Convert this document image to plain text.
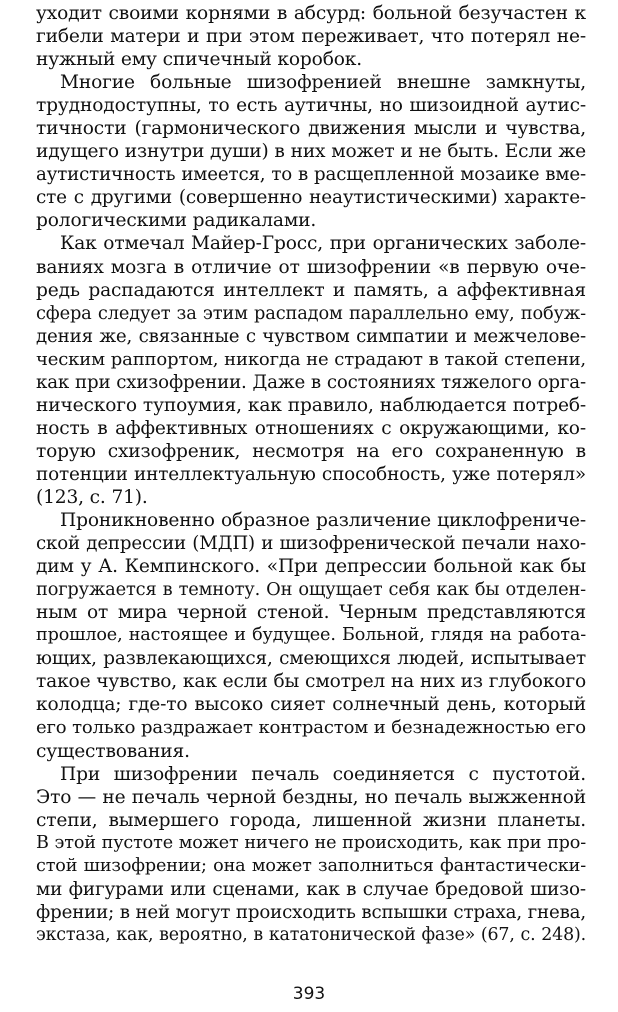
уходит своими корнями в абсурд: больной безучастен к
гибели матери и при этом переживает, что потерял не-
нужный ему спичечный коробок.
Многие больные шизофренией внешне замкнуты,
труднодоступны, то есть аутичны, но шизоидной аутис-
тичности (гармонического движения мысли и чувства,
идущего изнутри души) в них может и не быть. Если же
аутистичность имеется, то в расщепленной мозаике вме-
сте с другими (совершенно неаутистическими) характе-
рологическими радикалами.
Как отмечал Майер-Гросс, при органических заболе-
ваниях мозга в отличие от шизофрении «в первую оче-
редь распадаются интеллект и память, а аффективная
сфера следует за этим распадом параллельно ему, побуж-
дения же, связанные с чувством симпатии и межчелове-
ческим раппортом, никогда не страдают в такой степени,
как при схизофрении. Даже в состояниях тяжелого орга-
нического тупоумия, как правило, наблюдается потреб-
ность в аффективных отношениях с окружающими, ко-
торую схизофреник, несмотря на его сохраненную в
потенции интеллектуальную способность, уже потерял»
(123, с. 71).
Проникновенно образное различение циклофрениче-
ской депрессии (МДП) и шизофренической печали нахо-
дим у А. Кемпинского. «При депрессии больной как бы
погружается в темноту. Он ощущает себя как бы отделен-
ным от мира черной стеной. Черным представляются
прошлое, настоящее и будущее. Больной, глядя на работа-
ющих, развлекающихся, смеющихся людей, испытывает
такое чувство, как если бы смотрел на них из глубокого
колодца; где-то высоко сияет солнечный день, который
его только раздражает контрастом и безнадежностью его
существования.
При шизофрении печаль соединяется с пустотой.
Это — не печаль черной бездны, но печаль выжженной
степи, вымершего города, лишенной жизни планеты.
В этой пустоте может ничего не происходить, как при про-
стой шизофрении; она может заполниться фантастически-
ми фигурами или сценами, как в случае бредовой шизо-
френии; в ней могут происходить вспышки страха, гнева,
экстаза, как, вероятно, в кататонической фазе» (67, с. 248).
393
